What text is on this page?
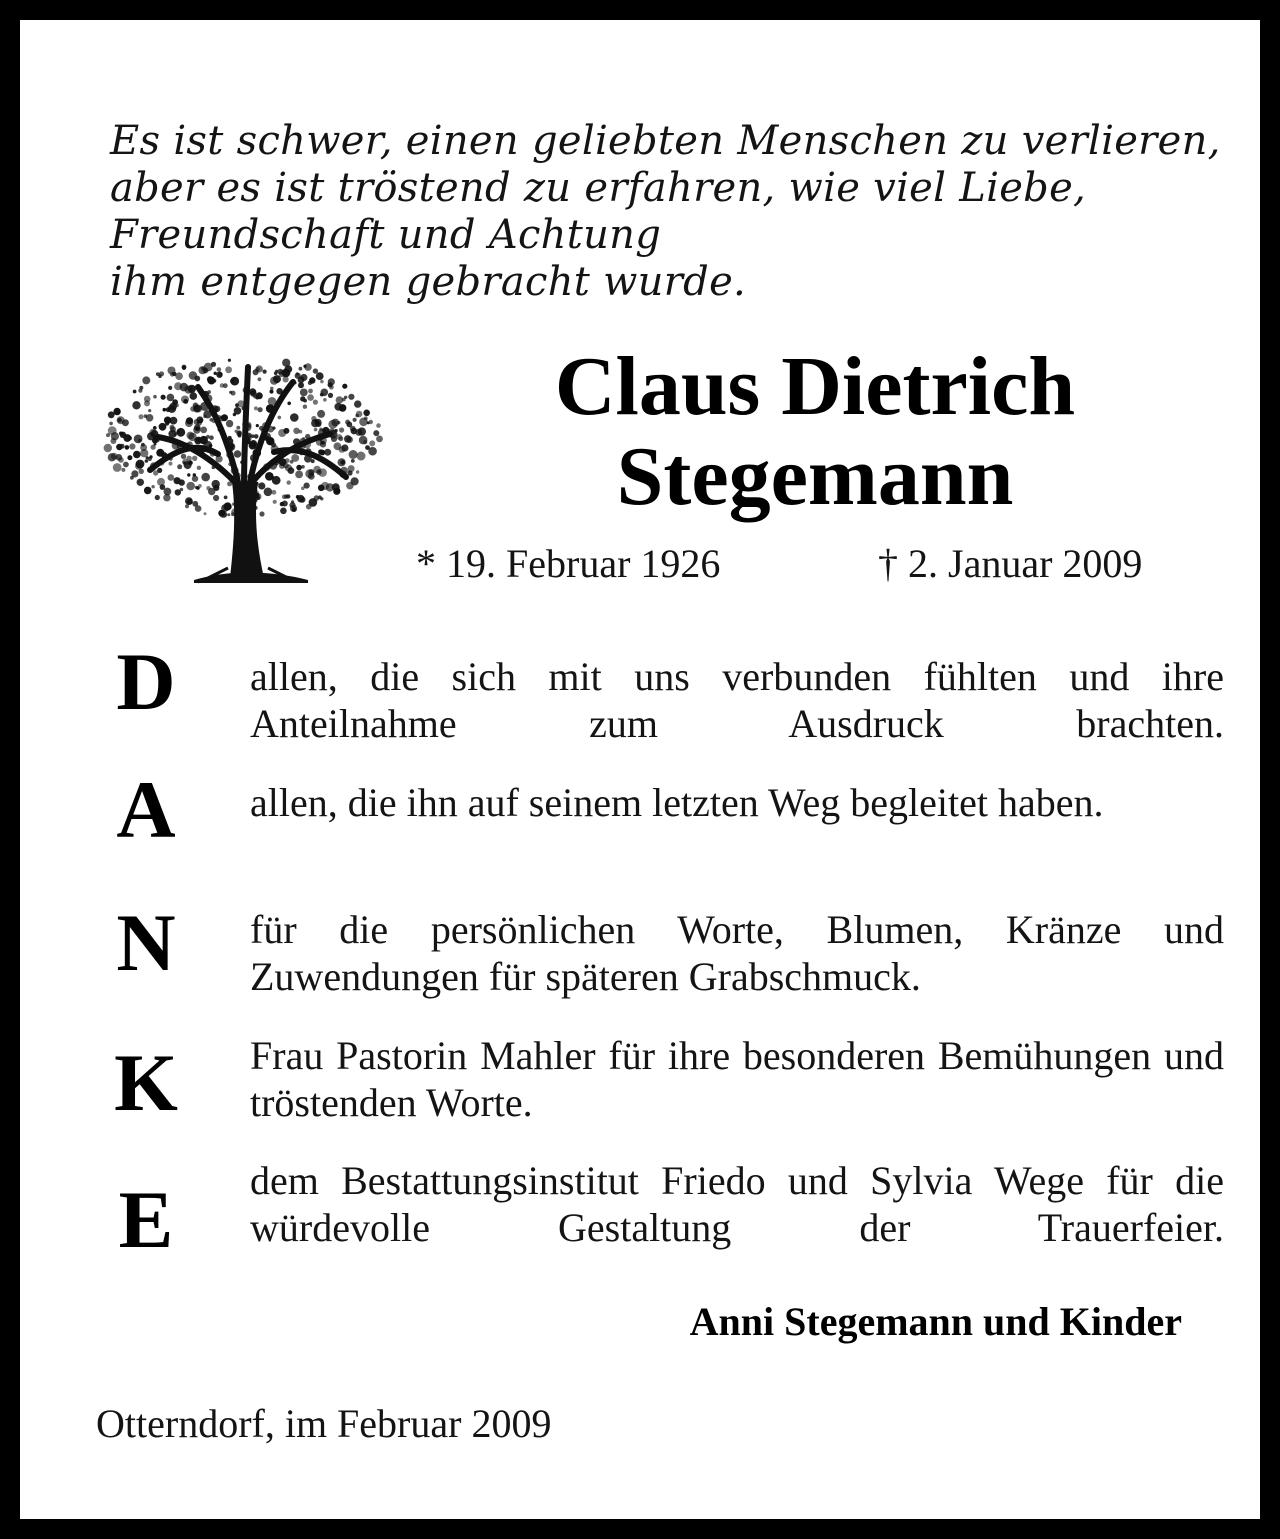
Es ist schwer, einen geliebten Menschen zu verlieren,
aber es ist tröstend zu erfahren, wie viel Liebe,
Freundschaft und Achtung
ihm entgegen gebracht wurde.
Claus Dietrich
Stegemann
* 19. Februar 1926	† 2. Januar 2009
D allen, die sich mit uns verbunden fühlten und ihre Anteilnahme zum Ausdruck brachten.
A allen, die ihn auf seinem letzten Weg begleitet haben.
N für die persönlichen Worte, Blumen, Kränze und Zuwendungen für späteren Grabschmuck.
K Frau Pastorin Mahler für ihre besonderen Bemühungen und tröstenden Worte.
E	dem Bestattungsinstitut Friedo und Sylvia Wege für die würdevolle Gestaltung der Trauerfeier.
Anni Stegemann und Kinder
Otterndorf, im Februar 2009
